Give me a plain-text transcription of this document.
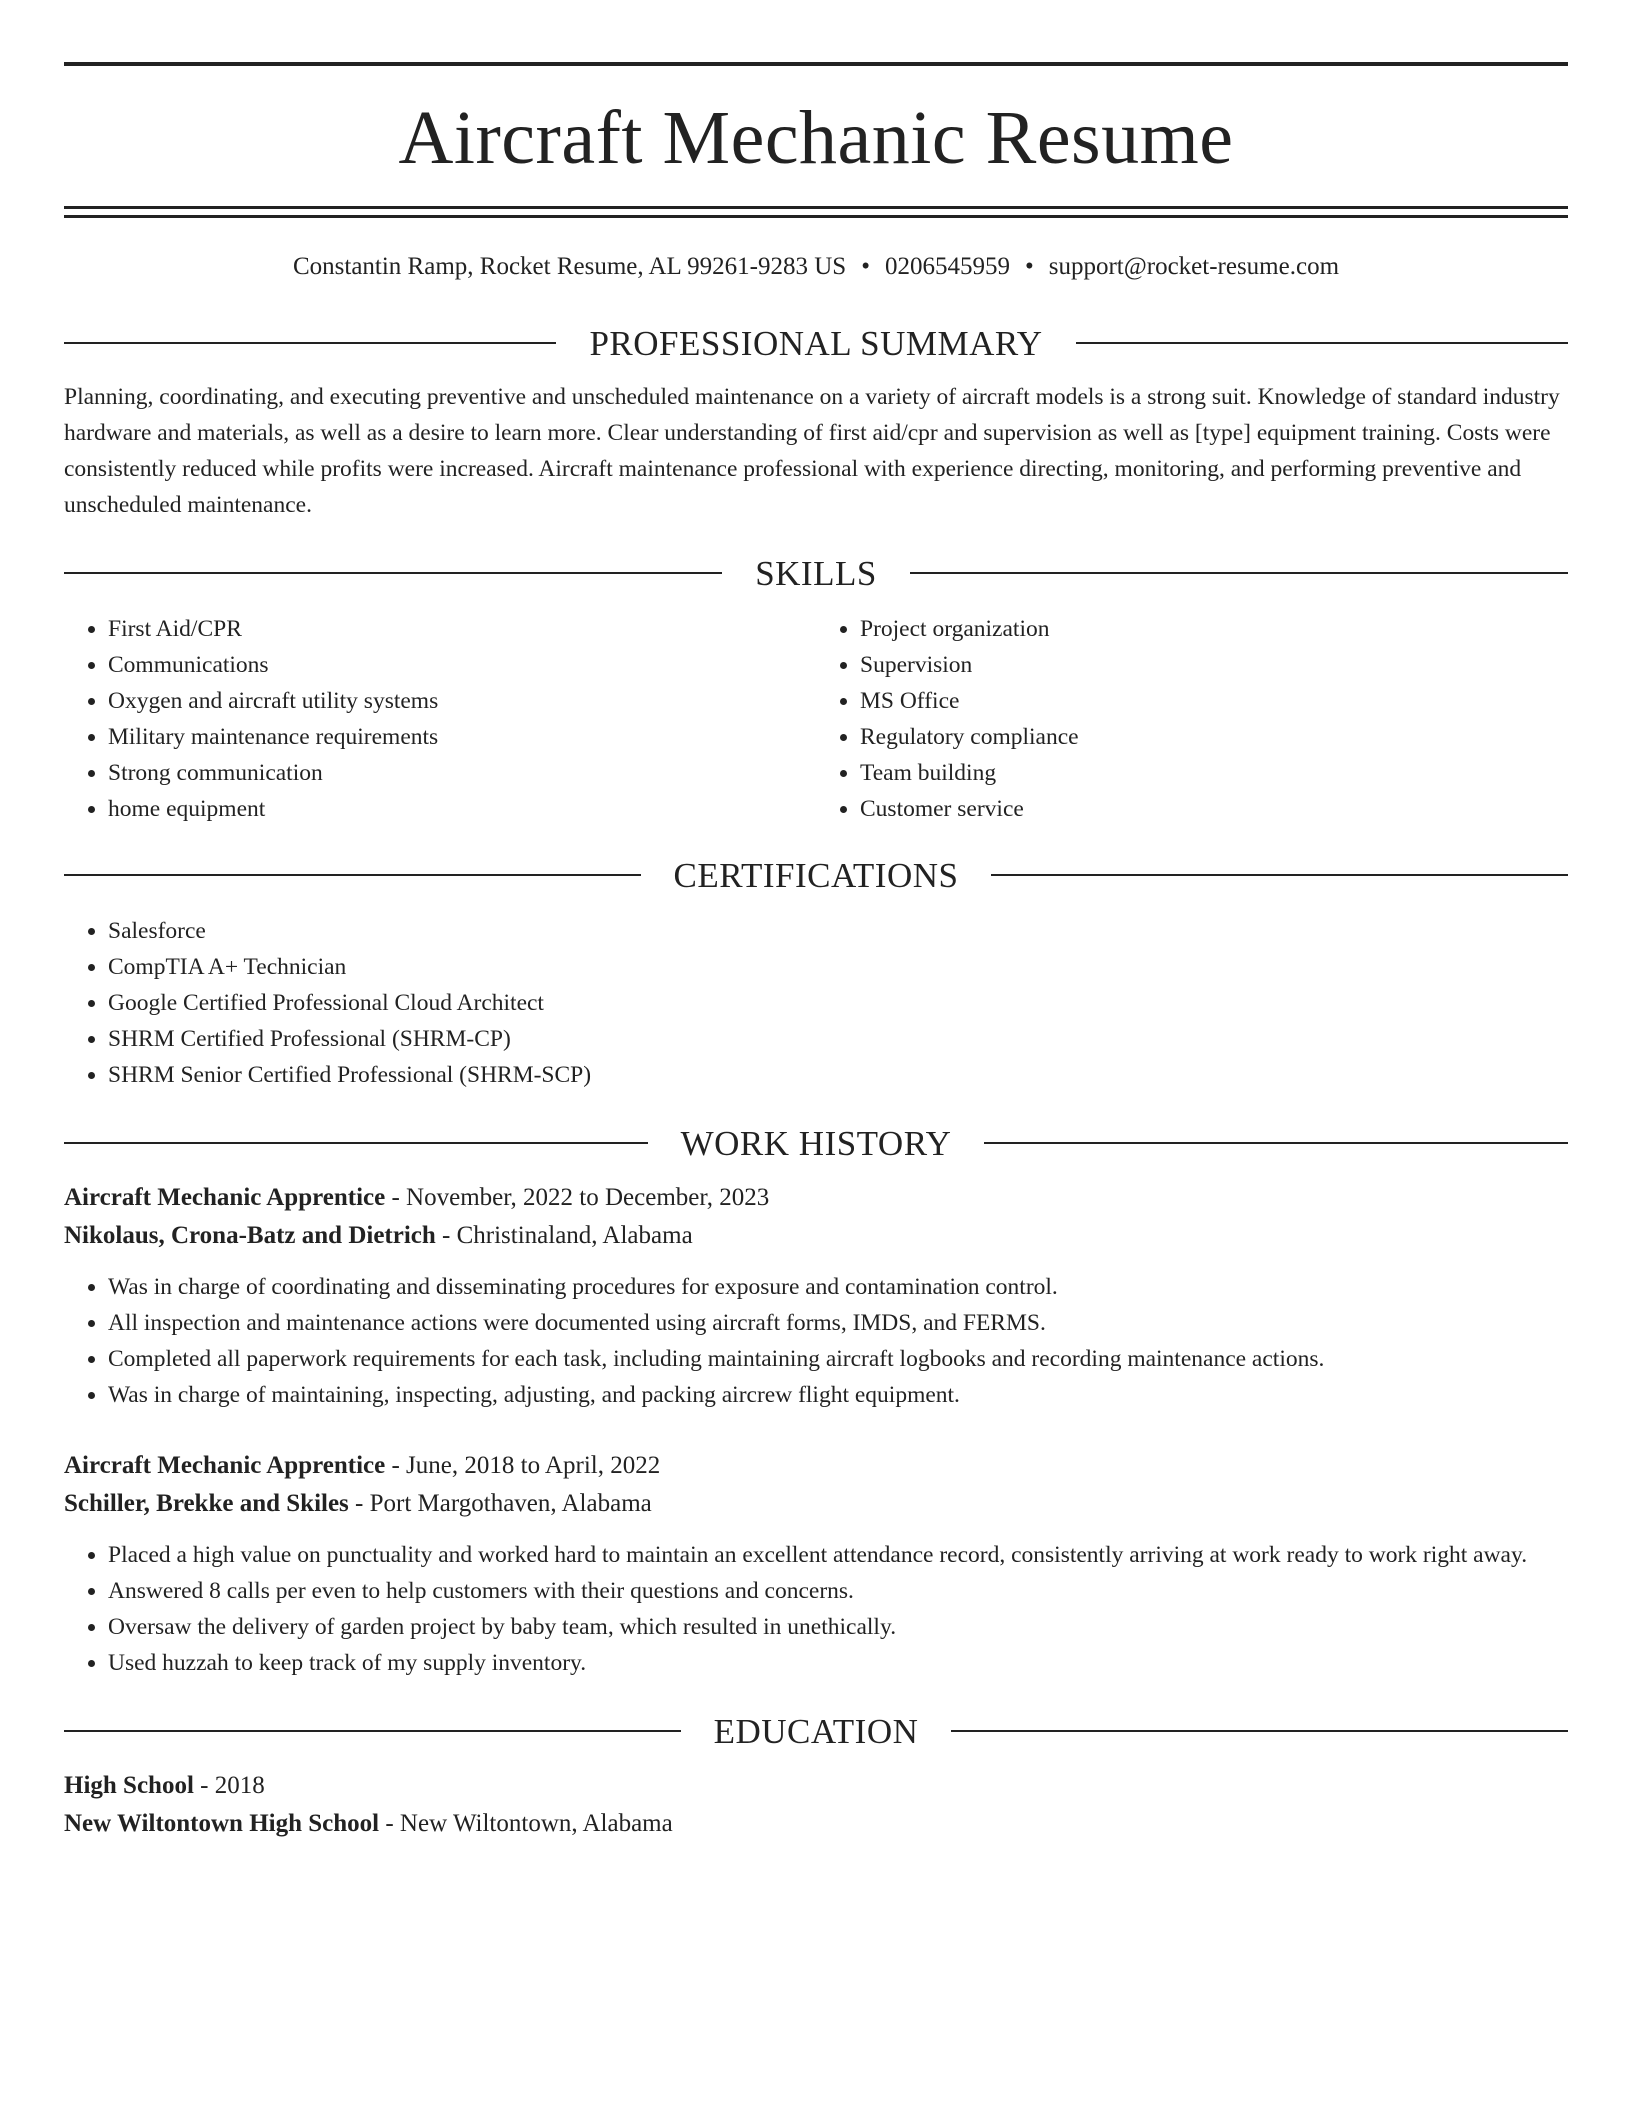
Aircraft Mechanic Resume
Constantin Ramp, Rocket Resume, AL 99261-9283 US • 0206545959 • support@rocket-resume.com
PROFESSIONAL SUMMARY

Planning, coordinating, and executing preventive and unscheduled maintenance on a variety of aircraft models is a strong suit. Knowledge of standard industry hardware and materials, as well as a desire to learn more. Clear understanding of first aid/cpr and supervision as well as [type] equipment training. Costs were consistently reduced while profits were increased. Aircraft maintenance professional with experience directing, monitoring, and performing preventive and unscheduled maintenance.

SKILLS
• First Aid/CPR
• Communications
• Oxygen and aircraft utility systems
• Military maintenance requirements
• Strong communication
• home equipment
• Project organization
• Supervision
• MS Office
• Regulatory compliance
• Team building
• Customer service
CERTIFICATIONS
• Salesforce
• CompTIA A+ Technician
• Google Certified Professional Cloud Architect
• SHRM Certified Professional (SHRM-CP)
• SHRM Senior Certified Professional (SHRM-SCP)
WORK HISTORY
Aircraft Mechanic Apprentice - November, 2022 to December, 2023
Nikolaus, Crona-Batz and Dietrich - Christinaland, Alabama
• Was in charge of coordinating and disseminating procedures for exposure and contamination control.
• All inspection and maintenance actions were documented using aircraft forms, IMDS, and FERMS.
• Completed all paperwork requirements for each task, including maintaining aircraft logbooks and recording maintenance actions.
• Was in charge of maintaining, inspecting, adjusting, and packing aircrew flight equipment.
Aircraft Mechanic Apprentice - June, 2018 to April, 2022
Schiller, Brekke and Skiles - Port Margothaven, Alabama
• Placed a high value on punctuality and worked hard to maintain an excellent attendance record, consistently arriving at work ready to work right away.
• Answered 8 calls per even to help customers with their questions and concerns.
• Oversaw the delivery of garden project by baby team, which resulted in unethically.
• Used huzzah to keep track of my supply inventory.
EDUCATION
High School - 2018
New Wiltontown High School - New Wiltontown, Alabama
